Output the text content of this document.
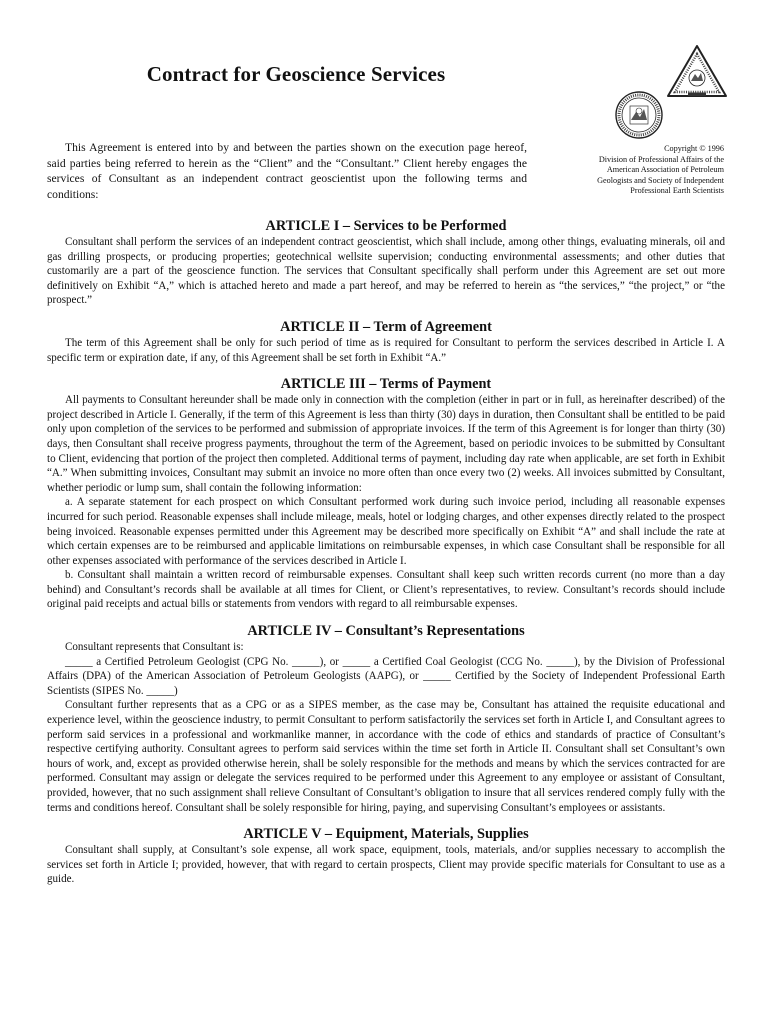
Contract for Geoscience Services
Copyright © 1996
Division of Professional Affairs of the
American Association of Petroleum
Geologists and Society of Independent
Professional Earth Scientists

This Agreement is entered into by and between the parties shown on the execution page hereof, said parties being referred to herein as the “Client” and the “Consultant.” Client hereby engages the services of Consultant as an independent contract geoscientist upon the following terms and conditions:

ARTICLE I – Services to be Performed

Consultant shall perform the services of an independent contract geoscientist, which shall include, among other things, evaluating minerals, oil and gas drilling prospects, or producing properties; geotechnical wellsite supervision; conducting environmental assessments; and other duties that customarily are a part of the geoscience function. The services that Consultant specifically shall perform under this Agreement are set out more definitively on Exhibit “A,” which is attached hereto and made a part hereof, and may be referred to herein as “the services,” “the project,” or “the prospect.”

ARTICLE II – Term of Agreement

The term of this Agreement shall be only for such period of time as is required for Consultant to perform the services described in Article I. A specific term or expiration date, if any, of this Agreement shall be set forth in Exhibit “A.”

ARTICLE III – Terms of Payment

All payments to Consultant hereunder shall be made only in connection with the completion (either in part or in full, as hereinafter described) of the project described in Article I. Generally, if the term of this Agreement is less than thirty (30) days in duration, then Consultant shall be entitled to be paid only upon completion of the services to be performed and submission of appropriate invoices. If the term of this Agreement is for longer than thirty (30) days, then Consultant shall receive progress payments, throughout the term of the Agreement, based on periodic invoices to be submitted by Consultant to Client, evidencing that portion of the project then completed. Additional terms of payment, including day rate when applicable, are set forth in Exhibit “A.” When submitting invoices, Consultant may submit an invoice no more often than once every two (2) weeks. All invoices submitted by Consultant, whether periodic or lump sum, shall contain the following information:

a. A separate statement for each prospect on which Consultant performed work during such invoice period, including all reasonable expenses incurred for such period. Reasonable expenses shall include mileage, meals, hotel or lodging charges, and other expenses directly related to the prospect being invoiced. Reasonable expenses permitted under this Agreement may be described more specifically on Exhibit “A” and shall include the rate at which certain expenses are to be reimbursed and applicable limitations on reimbursable expenses, in which case Consultant shall be responsible for all other expenses associated with performance of the services described in Article I.

b. Consultant shall maintain a written record of reimbursable expenses. Consultant shall keep such written records current (no more than a day behind) and Consultant’s records shall be available at all times for Client, or Client’s representatives, to review. Consultant’s records should include original paid receipts and actual bills or statements from vendors with regard to all reimbursable expenses.

ARTICLE IV – Consultant’s Representations

Consultant represents that Consultant is:

_____ a Certified Petroleum Geologist (CPG No. _____), or _____ a Certified Coal Geologist (CCG No. _____), by the Division of Professional Affairs (DPA) of the American Association of Petroleum Geologists (AAPG), or _____ Certified by the Society of Independent Professional Earth Scientists (SIPES No. _____)

Consultant further represents that as a CPG or as a SIPES member, as the case may be, Consultant has attained the requisite educational and experience level, within the geoscience industry, to permit Consultant to perform satisfactorily the services set forth in Article I, and Consultant agrees to perform said services in a professional and workmanlike manner, in accordance with the code of ethics and standards of practice of Consultant’s respective certifying authority. Consultant agrees to perform said services within the time set forth in Article II. Consultant shall set Consultant’s own hours of work, and, except as provided otherwise herein, shall be solely responsible for the methods and means by which the services contracted for are performed. Consultant may assign or delegate the services required to be performed under this Agreement to any employee or assistant of Consultant, provided, however, that no such assignment shall relieve Consultant of Consultant’s obligation to insure that all services rendered comply fully with the terms and conditions hereof. Consultant shall be solely responsible for hiring, paying, and supervising Consultant’s employees or assistants.

ARTICLE V – Equipment, Materials, Supplies

Consultant shall supply, at Consultant’s sole expense, all work space, equipment, tools, materials, and/or supplies necessary to accomplish the services set forth in Article I; provided, however, that with regard to certain prospects, Client may provide specific materials for Consultant to use as a guide.
